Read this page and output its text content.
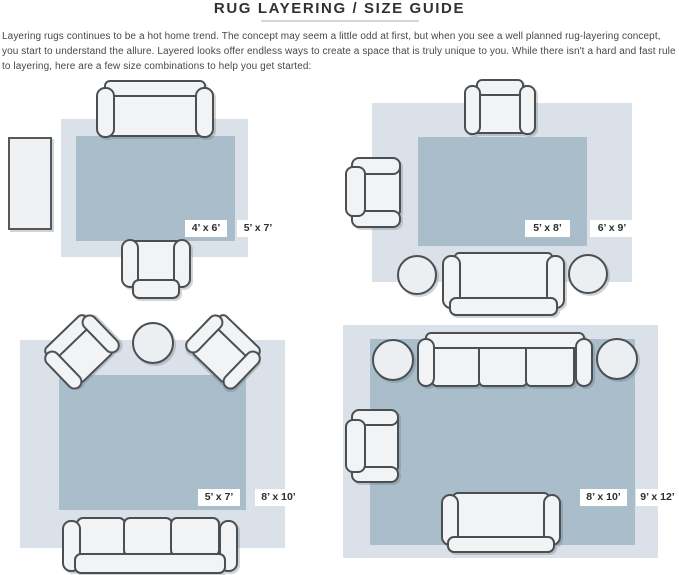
RUG LAYERING / SIZE GUIDE

Layering rugs continues to be a hot home trend. The concept may seem a little odd at first, but when you see a well planned rug-layering concept, you start to understand the allure. Layered looks offer endless ways to create a space that is truly unique to you. While there isn't a hard and fast rule to layering, here are a few size combinations to help you get started:

4’ x 6’	5’ x 7’	5’ x 8’	6’ x 9’
5’ x 7’	8’ x 10’	8’ x 10’	9’ x 12’
